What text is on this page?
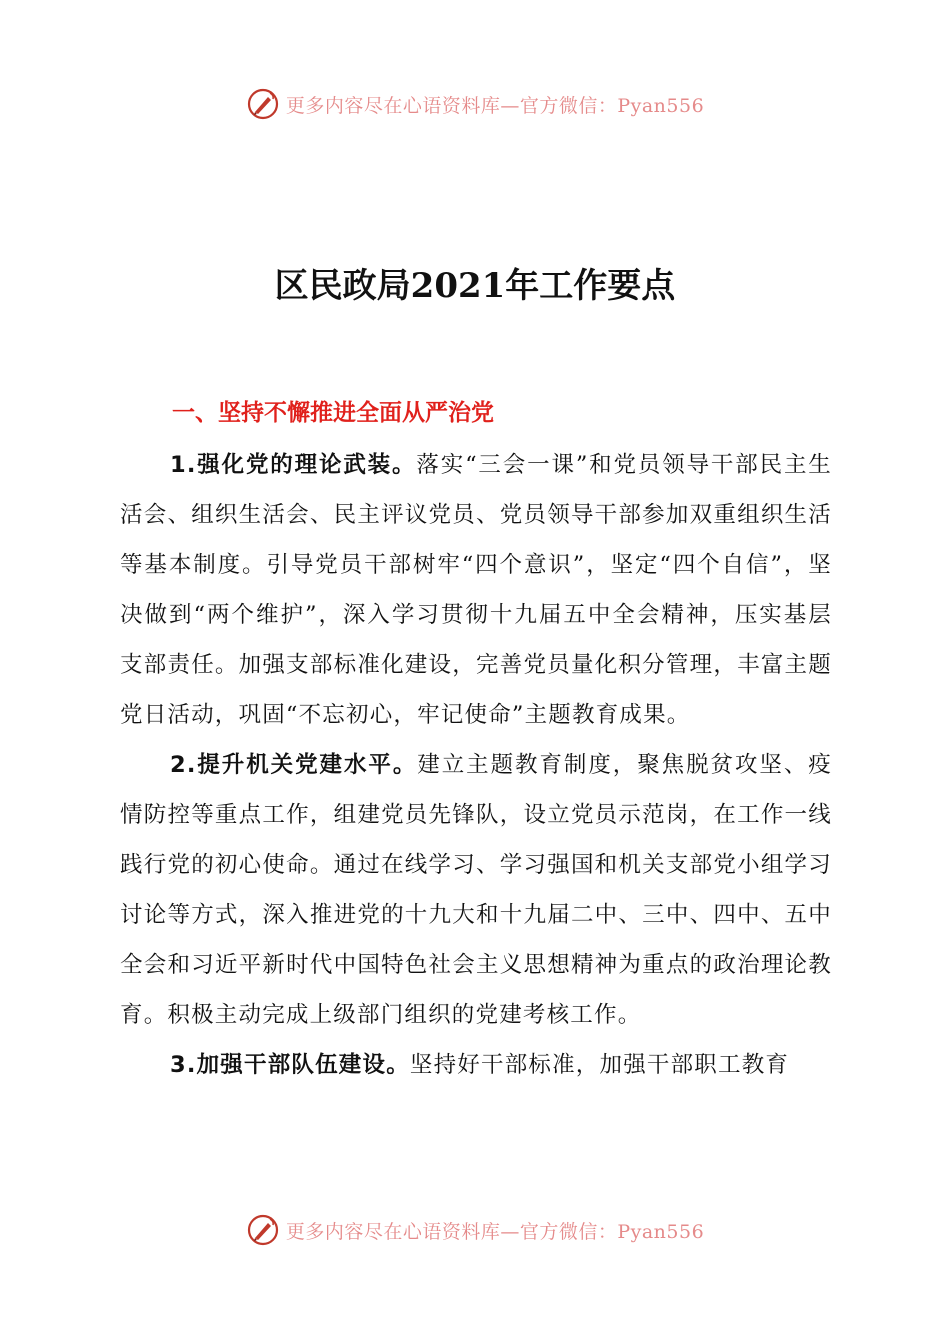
更多内容尽在心语资料库—官方微信：Pyan556
区民政局2021年工作要点
一、坚持不懈推进全面从严治党

1.强化党的理论武装。落实“三会一课”和党员领导干部民主生活会、组织生活会、民主评议党员、党员领导干部参加双重组织生活等基本制度。引导党员干部树牢“四个意识”，坚定“四个自信”，坚决做到“两个维护”，深入学习贯彻十九届五中全会精神，压实基层支部责任。加强支部标准化建设，完善党员量化积分管理，丰富主题党日活动，巩固“不忘初心，牢记使命”主题教育成果。

2.提升机关党建水平。建立主题教育制度，聚焦脱贫攻坚、疫情防控等重点工作，组建党员先锋队，设立党员示范岗，在工作一线践行党的初心使命。通过在线学习、学习强国和机关支部党小组学习讨论等方式，深入推进党的十九大和十九届二中、三中、四中、五中全会和习近平新时代中国特色社会主义思想精神为重点的政治理论教育。积极主动完成上级部门组织的党建考核工作。

3.加强干部队伍建设。坚持好干部标准，加强干部职工教育

更多内容尽在心语资料库—官方微信：Pyan556
